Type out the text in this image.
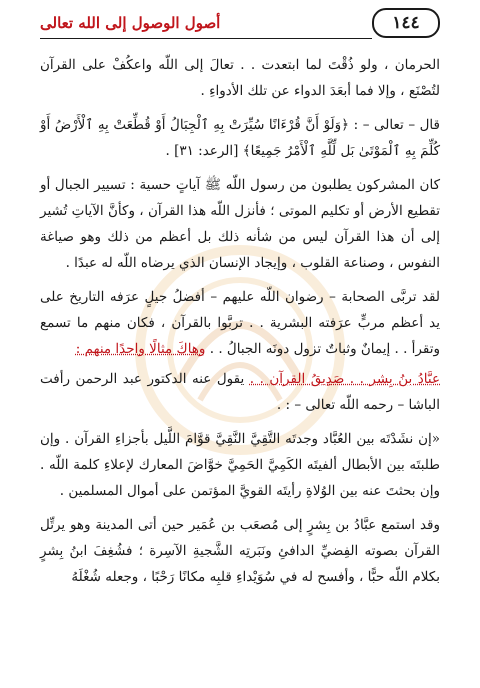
أصول الوصول إلى الله تعالى	١٤٤

الحرمان ، ولو ذُقْتَ لما ابتعدت . . تعالَ إلى اللّه واعكُفْ على القرآن لتُصْنَع ، وإلا فما أبعَدَ الدواء عن تلك الأدواءِ .

قال – تعالى – : ﴿وَلَوْ أَنَّ قُرْءَانًا سُيِّرَتْ بِهِ ٱلْجِبَالُ أَوْ قُطِّعَتْ بِهِ ٱلْأَرْضُ أَوْ كُلِّمَ بِهِ ٱلْمَوْتَىٰ بَل لِّلَّهِ ٱلْأَمْرُ جَمِيعًا﴾ [الرعد: ٣١] .

كان المشركون يطلبون من رسول اللّه ﷺ آياتٍ حسية : تسيير الجبال أو تقطيع الأرض أو تكليم الموتى ؛ فأنزل اللّه هذا القرآن ، وكأنَّ الآياتِ تُشير إلى أن هذا القرآن ليس من شأنه ذلك بل أعظم من ذلك وهو صياغة النفوس ، وصناعة القلوب ، وإيجاد الإنسان الذي يرضاه اللّه له عبدًا .

لقد تربَّى الصحابة – رضوان اللّه عليهم – أفضلُ جيلٍ عرَفه التاريخ على يد أعظم مربٍّ عرَفته البشرية . . تربَّوا بالقرآن ، فكان منهم ما تسمع وتقرأ . . إيمانٌ وثباتٌ تزول دونَه الجبالُ . . وهاكَ مثالًا واحدًا منهم :

عبَّادُ بنُ بِشر . . صَدِيقُ القرآن . . يقول عنه الدكتور عبد الرحمن رأفت الباشا – رحمه اللّه تعالى – : .

«إن نشَدْتَه بين العُبَّاد وجدتَه التَّقِيَّ النَّقِيَّ قوَّامَ اللَّيل بأجزاءِ القرآن . وإن طلبتَه بين الأبطال ألفيتَه الكَمِيَّ الحَمِيَّ خوَّاضَ المعارك لإعلاءِ كلمة اللّه . وإن بحثتَ عنه بين الوُلاةِ رأيتَه القويَّ المؤتمن على أموال المسلمين .

وقد استمع عبَّادُ بن بِشرٍ إلى مُصعَب بن عُمَير حين أتى المدينة وهو يرتِّل القرآن بصوته الفِضيِّ الدافئِ ونَبَرتِه الشَّجيةِ الآسِرة ؛ فشُغِفَ ابنُ بِشرٍ بكلام اللّه حبًّا ، وأفسح له في سُوَيْداءِ قلبِه مكانًا رَحْبًا ، وجعله شُغْلَهُ
